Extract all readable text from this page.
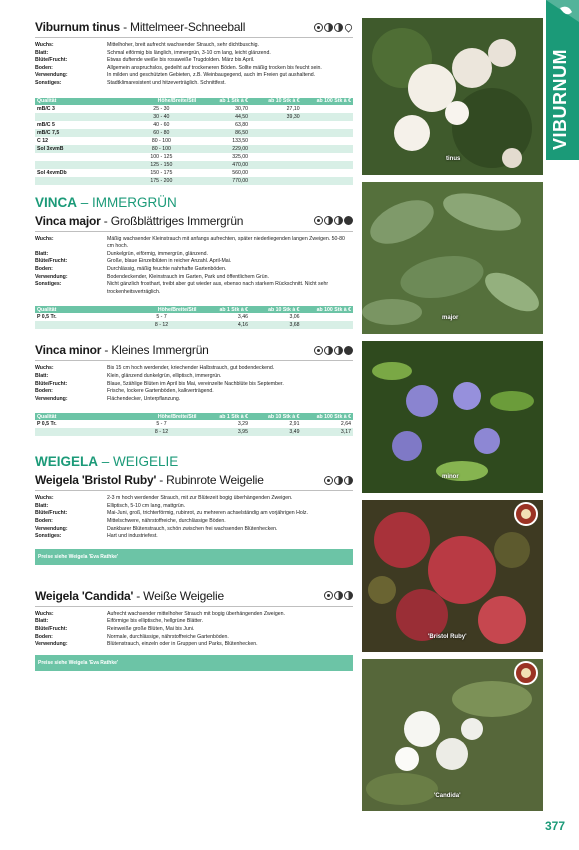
VIBURNUM
Viburnum tinus - Mittelmeer-Schneeball
Wuchs:	Mittelhoher, breit aufrecht wachsender Strauch, sehr dichtbuschig.
Blatt:	Schmal eiförmig bis länglich, immergrün, 3-10 cm lang, leicht glänzend.
Blüte/Frucht:	Etwas duftende weiße bis rosaweiße Trugdolden. März bis April.
Boden:	Allgemein anspruchslos, gedeiht auf trockeneren Böden. Sollte mäßig trocken bis feucht sein.
Verwendung:	In milden und geschützten Gebieten, z.B. Weinbaugegend, auch im Freien gut aushaltend.
Sonstiges:	Stadtklimaresistent und hitzeverträglich. Schnittfest.
Qualität	Höhe/Breite/Stil	ab 1 Stk à €	ab 10 Stk à €	ab 100 Stk à €
mB/C 3	25 - 30	30,70	27,10	
	30 - 40	44,50	39,30	
mB/C 5	40 - 60	63,80		
mB/C 7,5	60 - 80	86,50		
C 12	80 - 100	133,50		
Sol 3xvmB	80 - 100	229,00		
	100 - 125	325,00		
	125 - 150	470,00		
Sol 4xvmDb	150 - 175	560,00		
	175 - 200	770,00		
VINCA – IMMERGRÜN
Vinca major - Großblättriges Immergrün
Wuchs:	Mäßig wachsender Kleinstrauch mit anfangs aufrechten, später niederliegenden langen Zweigen. 50-80 cm hoch.
Blatt:	Dunkelgrün, eiförmig, immergrün, glänzend.
Blüte/Frucht:	Große, blaue Einzelblüten in reicher Anzahl. April-Mai.
Boden:	Durchlässig, mäßig feuchte nahrhafte Gartenböden.
Verwendung:	Bodendeckender, Kleinstrauch im Garten, Park und öffentlichem Grün.
Sonstiges:	Nicht gänzlich frosthart, treibt aber gut wieder aus, ebenso nach starkem Rückschnitt. Nicht sehr trockenheitsverträglich.
Qualität	Höhe/Breite/Stil	ab 1 Stk à €	ab 10 Stk à €	ab 100 Stk à €
P 0,5 Tr.	5 - 7	3,46	3,06	
	8 - 12	4,16	3,68	
Vinca minor - Kleines Immergrün
Wuchs:	Bis 15 cm hoch werdender, kriechender Halbstrauch, gut bodendeckend.
Blatt:	Klein, glänzend dunkelgrün, elliptisch, immergrün.
Blüte/Frucht:	Blaue, 5zählige Blüten im April bis Mai, vereinzelte Nachblüte bis September.
Boden:	Frische, lockere Gartenböden, kalkverträgend.
Verwendung:	Flächendecker, Unterpflanzung.
Qualität	Höhe/Breite/Stil	ab 1 Stk à €	ab 10 Stk à €	ab 100 Stk à €
P 0,5 Tr.	5 - 7	3,29	2,91	2,64
	8 - 12	3,95	3,49	3,17
WEIGELA – WEIGELIE
Weigela 'Bristol Ruby' - Rubinrote Weigelie
Wuchs:	2-3 m hoch werdender Strauch, mit zur Blütezeit bogig überhängenden Zweigen.
Blatt:	Elliptisch, 5-10 cm lang, mattgrün.
Blüte/Frucht:	Mai-Juni, groß, trichterförmig, rubinrot, zu mehreren achselständig am vorjährigen Holz.
Boden:	Mittelschwere, nährstoffreiche, durchlässige Böden.
Verwendung:	Dankbarer Blütenstrauch, schön zwischen frei wachsenden Blütenhecken.
Sonstiges:	Hart und industriefest.
Preise siehe Weigela 'Eva Rathke'
Weigela 'Candida' - Weiße Weigelie
Wuchs:	Aufrecht wachsender mittelhoher Strauch mit bogig überhängenden Zweigen.
Blatt:	Eiförmige bis elliptische, hellgrüne Blätter.
Blüte/Frucht:	Reinweiße große Blüten, Mai bis Juni.
Boden:	Normale, durchlässige, nährstoffreiche Gartenböden.
Verwendung:	Blütenstrauch, einzeln oder in Gruppen und Parks, Blütenhecken.
Preise siehe Weigela 'Eva Rathke'
tinus
major
minor
'Bristol Ruby'
'Candida'
377
